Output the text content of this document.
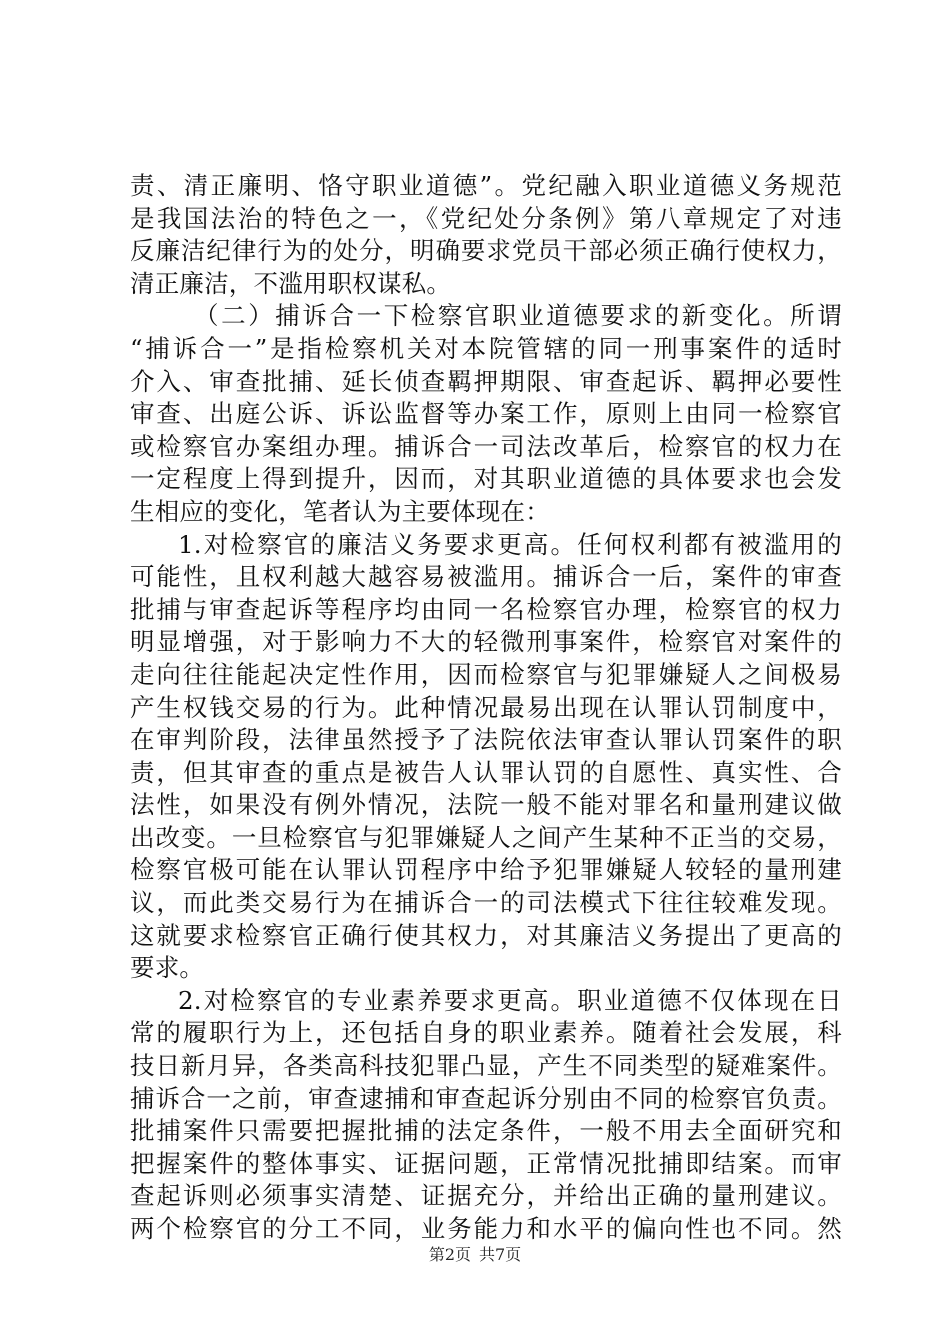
责、清正廉明、恪守职业道德”。党纪融入职业道德义务规范
是我国法治的特色之一，《党纪处分条例》第八章规定了对违
反廉洁纪律行为的处分，明确要求党员干部必须正确行使权力，
清正廉洁，不滥用职权谋私。
（二）捕诉合一下检察官职业道德要求的新变化。所谓
“捕诉合一”是指检察机关对本院管辖的同一刑事案件的适时
介入、审查批捕、延长侦查羁押期限、审查起诉、羁押必要性
审查、出庭公诉、诉讼监督等办案工作，原则上由同一检察官
或检察官办案组办理。捕诉合一司法改革后，检察官的权力在
一定程度上得到提升，因而，对其职业道德的具体要求也会发
生相应的变化，笔者认为主要体现在：
1.对检察官的廉洁义务要求更高。任何权利都有被滥用的
可能性，且权利越大越容易被滥用。捕诉合一后，案件的审查
批捕与审查起诉等程序均由同一名检察官办理，检察官的权力
明显增强，对于影响力不大的轻微刑事案件，检察官对案件的
走向往往能起决定性作用，因而检察官与犯罪嫌疑人之间极易
产生权钱交易的行为。此种情况最易出现在认罪认罚制度中，
在审判阶段，法律虽然授予了法院依法审查认罪认罚案件的职
责，但其审查的重点是被告人认罪认罚的自愿性、真实性、合
法性，如果没有例外情况，法院一般不能对罪名和量刑建议做
出改变。一旦检察官与犯罪嫌疑人之间产生某种不正当的交易，
检察官极可能在认罪认罚程序中给予犯罪嫌疑人较轻的量刑建
议，而此类交易行为在捕诉合一的司法模式下往往较难发现。
这就要求检察官正确行使其权力，对其廉洁义务提出了更高的
要求。
2.对检察官的专业素养要求更高。职业道德不仅体现在日
常的履职行为上，还包括自身的职业素养。随着社会发展，科
技日新月异，各类高科技犯罪凸显，产生不同类型的疑难案件。
捕诉合一之前，审查逮捕和审查起诉分别由不同的检察官负责。
批捕案件只需要把握批捕的法定条件，一般不用去全面研究和
把握案件的整体事实、证据问题，正常情况批捕即结案。而审
查起诉则必须事实清楚、证据充分，并给出正确的量刑建议。
两个检察官的分工不同，业务能力和水平的偏向性也不同。然
第2页 共7页
